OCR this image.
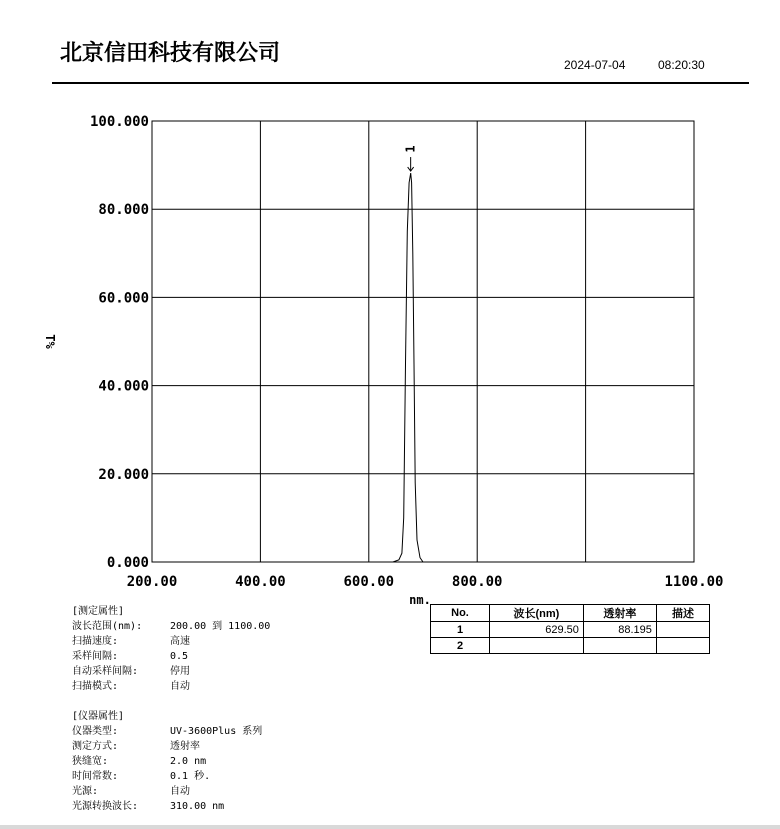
北京信田科技有限公司	2024-07-04	08:20:30
0.000
20.000
40.000
60.000
80.000
100.000
200.00	400.00	600.00	800.00	1100.00
T%
nm.
1
[测定属性]
波长范围(nm):	200.00 到 1100.00
扫描速度:	高速
采样间隔:	0.5
自动采样间隔:	停用
扫描模式:	自动
[仪器属性]
仪器类型:	UV-3600Plus 系列
测定方式:	透射率
狭缝宽:	2.0 nm
时间常数:	0.1 秒.
光源:	自动
光源转换波长:	310.00 nm
No.	波长(nm)	透射率	描述
1	629.50	88.195	
2			
